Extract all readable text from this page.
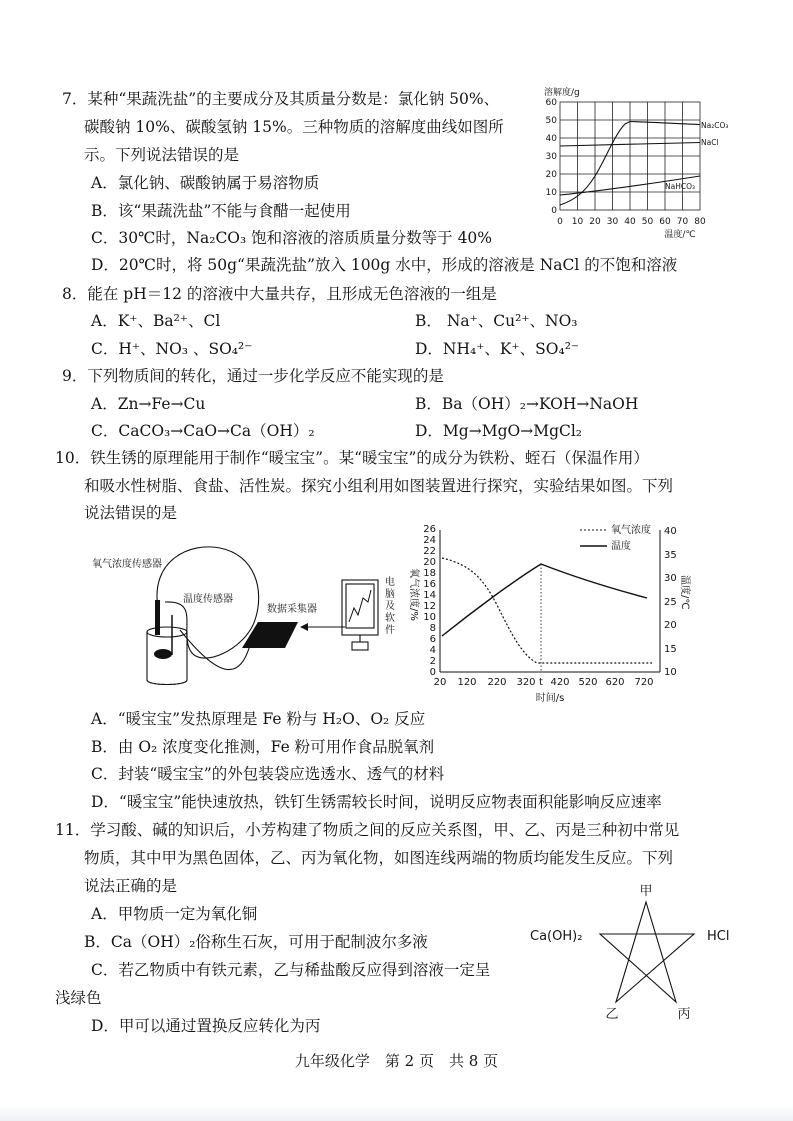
7．某种“果蔬洗盐”的主要成分及其质量分数是：氯化钠 50%、
碳酸钠 10%、碳酸氢钠 15%。三种物质的溶解度曲线如图所
示。下列说法错误的是
A．氯化钠、碳酸钠属于易溶物质
B．该“果蔬洗盐”不能与食醋一起使用
C．30℃时，Na₂CO₃ 饱和溶液的溶质质量分数等于 40%
D．20℃时，将 50g“果蔬洗盐”放入 100g 水中，形成的溶液是 NaCl 的不饱和溶液
溶解度/g
0
10
20
30
40
50
60
0 10 20 30 40 50 60 70 80
温度/℃
Na₂CO₃
NaCl
NaHCO₃
8．能在 pH＝12 的溶液中大量共存，且形成无色溶液的一组是
A．K⁺、Ba²⁺、Cl	B． Na⁺、Cu²⁺、NO₃
C．H⁺、NO₃ 、SO₄²⁻	D．NH₄⁺、K⁺、SO₄²⁻
9．下列物质间的转化，通过一步化学反应不能实现的是
A．Zn→Fe→Cu	B．Ba（OH）₂→KOH→NaOH
C．CaCO₃→CaO→Ca（OH）₂	D．Mg→MgO→MgCl₂
10．铁生锈的原理能用于制作“暖宝宝”。某“暖宝宝”的成分为铁粉、蛭石（保温作用）
和吸水性树脂、食盐、活性炭。探究小组利用如图装置进行探究，实验结果如图。下列
说法错误的是
氧气浓度传感器
温度传感器
数据采集器
电
脑
及
软
件
0
2
4
6
8
10
12
14
16
18
20
22
24
26
10
15
20
25
30
35
40
20 120 220 320 t 420 520 620 720
时间/s
氧气浓度/%	温度/℃
氧气浓度
温度
A．“暖宝宝”发热原理是 Fe 粉与 H₂O、O₂ 反应
B．由 O₂ 浓度变化推测，Fe 粉可用作食品脱氧剂
C．封装“暖宝宝”的外包装袋应选透水、透气的材料
D．“暖宝宝”能快速放热，铁钉生锈需较长时间，说明反应物表面积能影响反应速率
11．学习酸、碱的知识后，小芳构建了物质之间的反应关系图，甲、乙、丙是三种初中常见
物质，其中甲为黑色固体，乙、丙为氧化物，如图连线两端的物质均能发生反应。下列
说法正确的是
A．甲物质一定为氧化铜
B．Ca（OH）₂俗称生石灰，可用于配制波尔多液
C．若乙物质中有铁元素，乙与稀盐酸反应得到溶液一定呈
浅绿色
D．甲可以通过置换反应转化为丙
甲
Ca(OH)₂	HCl
乙	丙
九年级化学　第 2 页　共 8 页
